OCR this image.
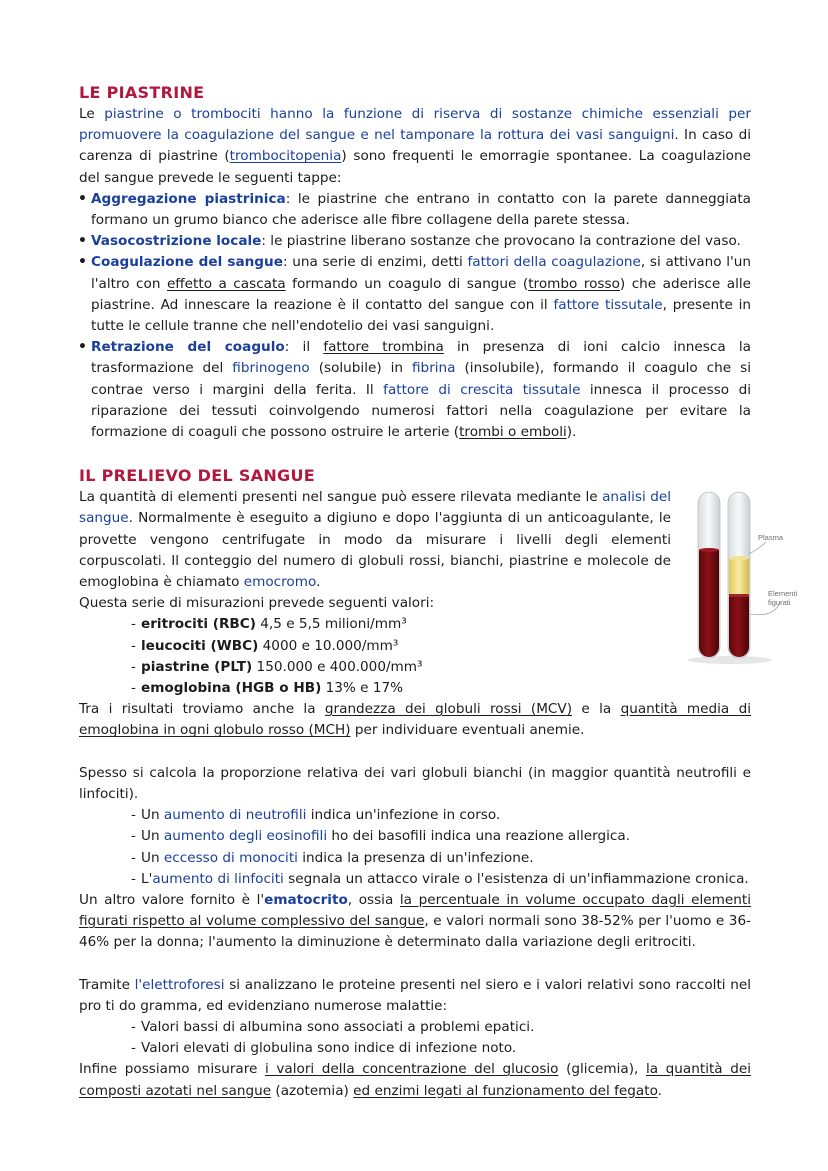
LE PIASTRINE

Le piastrine o trombociti hanno la funzione di riserva di sostanze chimiche essenziali per promuovere la coagulazione del sangue e nel tamponare la rottura dei vasi sanguigni. In caso di carenza di piastrine (trombocitopenia) sono frequenti le emorragie spontanee. La coagulazione del sangue prevede le seguenti tappe:

• Aggregazione piastrinica: le piastrine che entrano in contatto con la parete danneggiata formano un grumo bianco che aderisce alle fibre collagene della parete stessa.
• Vasocostrizione locale: le piastrine liberano sostanze che provocano la contrazione del vaso.
• Coagulazione del sangue: una serie di enzimi, detti fattori della coagulazione, si attivano l'un l'altro con effetto a cascata formando un coagulo di sangue (trombo rosso) che aderisce alle piastrine. Ad innescare la reazione è il contatto del sangue con il fattore tissutale, presente in tutte le cellule tranne che nell'endotelio dei vasi sanguigni.
• Retrazione del coagulo: il fattore trombina in presenza di ioni calcio innesca la trasformazione del fibrinogeno (solubile) in fibrina (insolubile), formando il coagulo che si contrae verso i margini della ferita. Il fattore di crescita tissutale innesca il processo di riparazione dei tessuti coinvolgendo numerosi fattori nella coagulazione per evitare la formazione di coaguli che possono ostruire le arterie (trombi o emboli).
IL PRELIEVO DEL SANGUE

La quantità di elementi presenti nel sangue può essere rilevata mediante le analisi del sangue. Normalmente è eseguito a digiuno e dopo l'aggiunta di un anticoagulante, le provette vengono centrifugate in modo da misurare i livelli degli elementi corpuscolati. Il conteggio del numero di globuli rossi, bianchi, piastrine e molecole de emoglobina è chiamato emocromo.

Questa serie di misurazioni prevede seguenti valori:

- eritrociti (RBC) 4,5 e 5,5 milioni/mm³
- leucociti (WBC) 4000 e 10.000/mm³
- piastrine (PLT) 150.000 e 400.000/mm³
- emoglobina (HGB o HB) 13% e 17%

Tra i risultati troviamo anche la grandezza dei globuli rossi (MCV) e la quantità media di emoglobina in ogni globulo rosso (MCH) per individuare eventuali anemie.

Spesso si calcola la proporzione relativa dei vari globuli bianchi (in maggior quantità neutrofili e linfociti).

- Un aumento di neutrofili indica un'infezione in corso.
- Un aumento degli eosinofili ho dei basofili indica una reazione allergica.
- Un eccesso di monociti indica la presenza di un'infezione.
- L'aumento di linfociti segnala un attacco virale o l'esistenza di un'infiammazione cronica.

Un altro valore fornito è l'ematocrito, ossia la percentuale in volume occupato dagli elementi figurati rispetto al volume complessivo del sangue, e valori normali sono 38-52% per l'uomo e 36-46% per la donna; l'aumento la diminuzione è determinato dalla variazione degli eritrociti.

Tramite l'elettroforesi si analizzano le proteine presenti nel siero e i valori relativi sono raccolti nel pro ti do gramma, ed evidenziano numerose malattie:

- Valori bassi di albumina sono associati a problemi epatici.
- Valori elevati di globulina sono indice di infezione noto.

Infine possiamo misurare i valori della concentrazione del glucosio (glicemia), la quantità dei composti azotati nel sangue (azotemia) ed enzimi legati al funzionamento del fegato.

Plasma
Elementi
figurati
